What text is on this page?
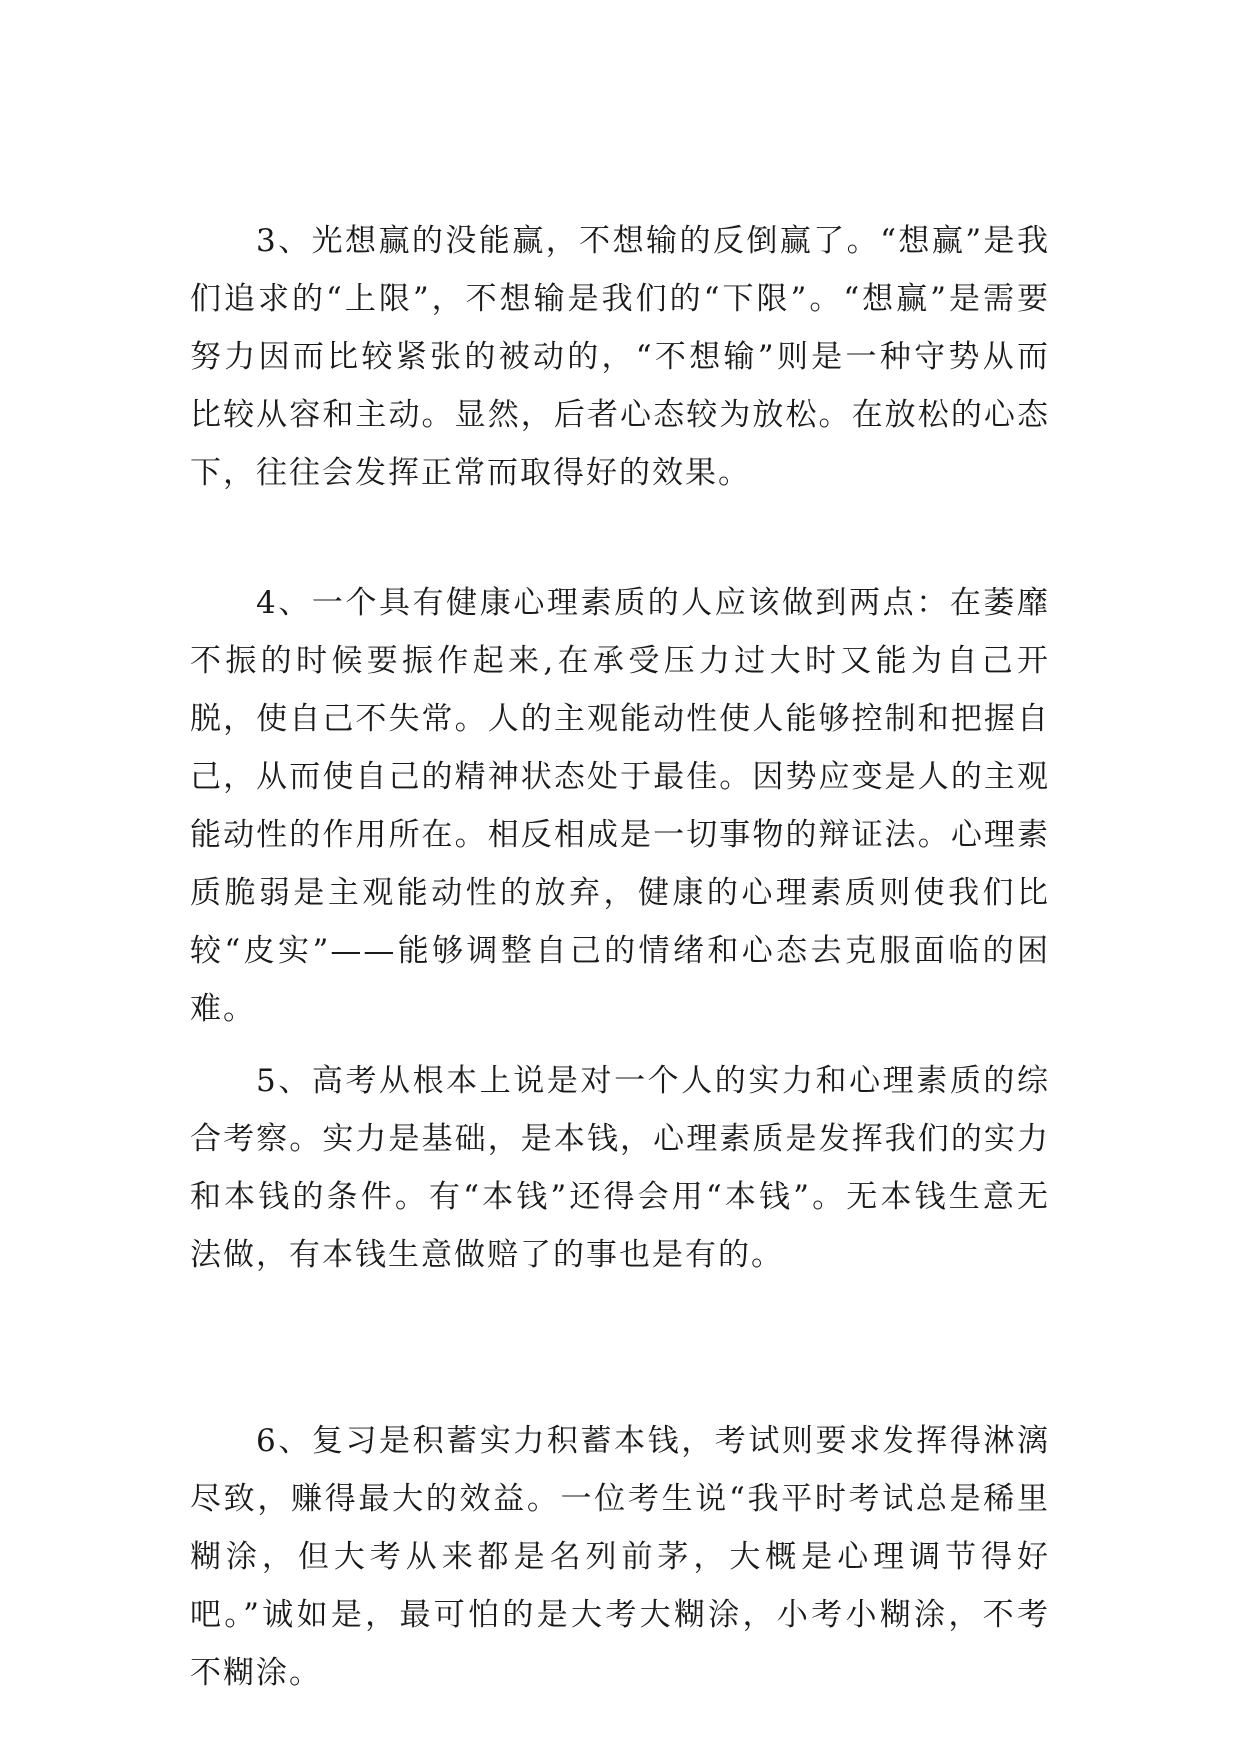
3、光想赢的没能赢，不想输的反倒赢了。“想赢”是我们追求的“上限”，不想输是我们的“下限”。“想赢”是需要努力因而比较紧张的被动的，“不想输”则是一种守势从而比较从容和主动。显然，后者心态较为放松。在放松的心态下，往往会发挥正常而取得好的效果。

4、一个具有健康心理素质的人应该做到两点：在萎靡不振的时候要振作起来,在承受压力过大时又能为自己开脱，使自己不失常。人的主观能动性使人能够控制和把握自己，从而使自己的精神状态处于最佳。因势应变是人的主观能动性的作用所在。相反相成是一切事物的辩证法。心理素质脆弱是主观能动性的放弃，健康的心理素质则使我们比较“皮实”——能够调整自己的情绪和心态去克服面临的困难。

5、高考从根本上说是对一个人的实力和心理素质的综合考察。实力是基础，是本钱，心理素质是发挥我们的实力和本钱的条件。有“本钱”还得会用“本钱”。无本钱生意无法做，有本钱生意做赔了的事也是有的。

6、复习是积蓄实力积蓄本钱，考试则要求发挥得淋漓尽致，赚得最大的效益。一位考生说“我平时考试总是稀里糊涂，但大考从来都是名列前茅，大概是心理调节得好吧。”诚如是，最可怕的是大考大糊涂，小考小糊涂，不考不糊涂。
